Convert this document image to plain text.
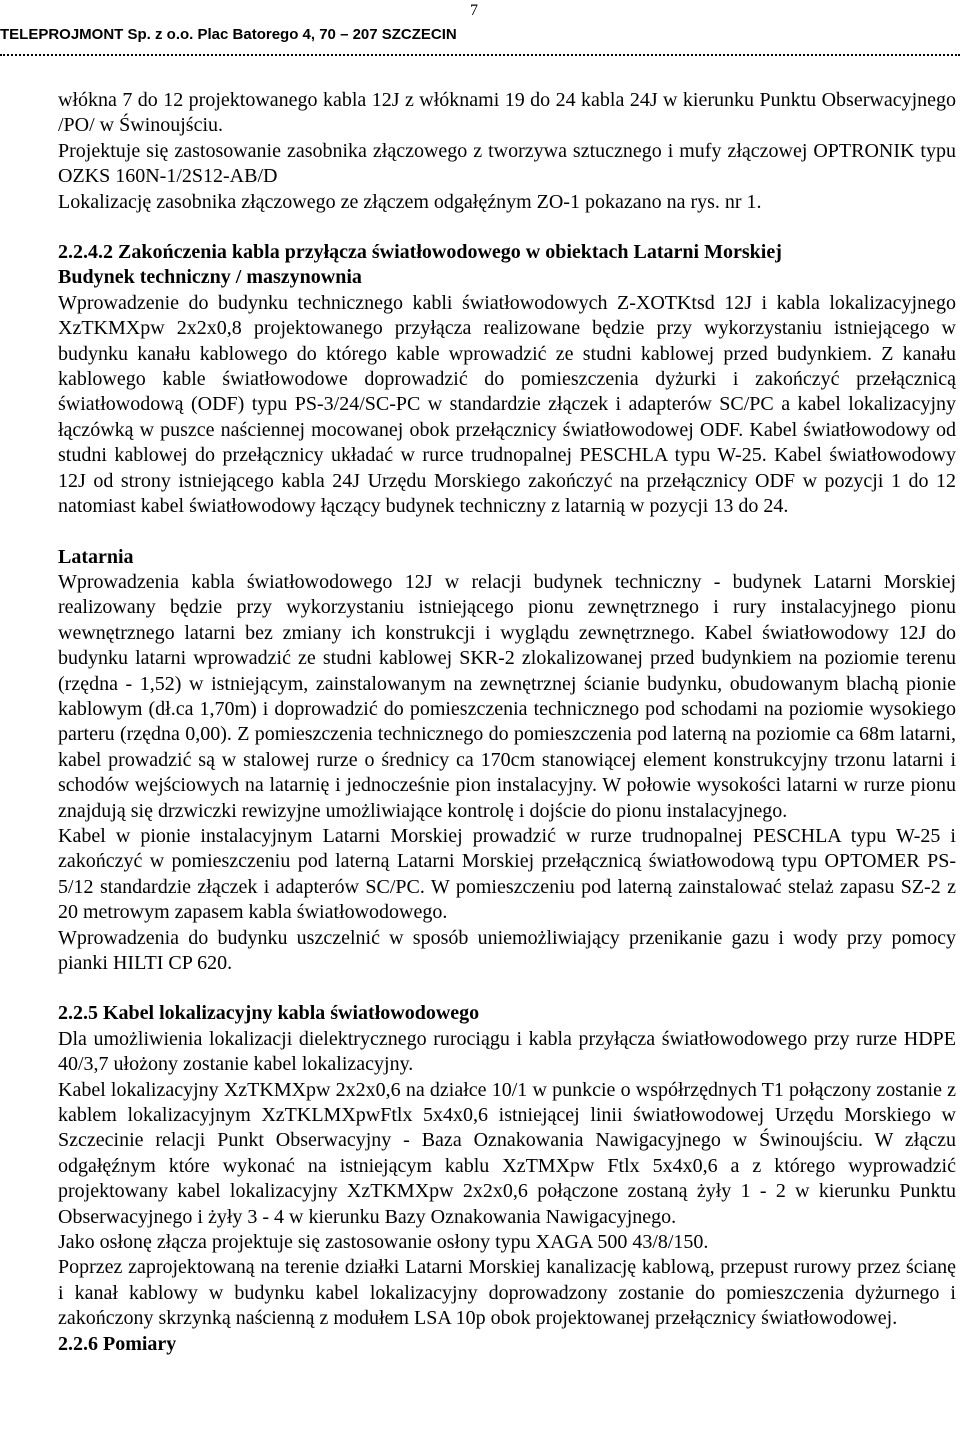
7
TELEPROJMONT Sp. z o.o. Plac Batorego 4, 70 – 207 SZCZECIN

włókna 7 do 12 projektowanego kabla 12J z włóknami 19 do 24 kabla 24J w kierunku Punktu Obserwacyjnego /PO/ w Świnoujściu.

Projektuje się zastosowanie zasobnika złączowego z tworzywa sztucznego i mufy złączowej OPTRONIK typu OZKS 160N-1/2S12-AB/D

Lokalizację zasobnika złączowego ze złączem odgałęźnym ZO-1 pokazano na rys. nr 1.

2.2.4.2 Zakończenia kabla przyłącza światłowodowego w obiektach Latarni Morskiej

Budynek techniczny / maszynownia

Wprowadzenie do budynku technicznego kabli światłowodowych Z-XOTKtsd 12J i kabla lokalizacyjnego XzTKMXpw 2x2x0,8 projektowanego przyłącza realizowane będzie przy wykorzystaniu istniejącego w budynku kanału kablowego do którego kable wprowadzić ze studni kablowej przed budynkiem. Z kanału kablowego kable światłowodowe doprowadzić do pomieszczenia dyżurki i zakończyć przełącznicą światłowodową (ODF) typu PS-3/24/SC-PC w standardzie złączek i adapterów SC/PC a kabel lokalizacyjny łączówką w puszce naściennej mocowanej obok przełącznicy światłowodowej ODF. Kabel światłowodowy od studni kablowej do przełącznicy układać w rurce trudnopalnej PESCHLA typu W-25. Kabel światłowodowy 12J od strony istniejącego kabla 24J Urzędu Morskiego zakończyć na przełącznicy ODF w pozycji 1 do 12 natomiast kabel światłowodowy łączący budynek techniczny z latarnią w pozycji 13 do 24.

Latarnia

Wprowadzenia kabla światłowodowego 12J w relacji budynek techniczny - budynek Latarni Morskiej realizowany będzie przy wykorzystaniu istniejącego pionu zewnętrznego i rury instalacyjnego pionu wewnętrznego latarni bez zmiany ich konstrukcji i wyglądu zewnętrznego. Kabel światłowodowy 12J do budynku latarni wprowadzić ze studni kablowej SKR-2 zlokalizowanej przed budynkiem na poziomie terenu (rzędna - 1,52) w istniejącym, zainstalowanym na zewnętrznej ścianie budynku, obudowanym blachą pionie kablowym (dł.ca 1,70m) i doprowadzić do pomieszczenia technicznego pod schodami na poziomie wysokiego parteru (rzędna 0,00). Z pomieszczenia technicznego do pomieszczenia pod laterną na poziomie ca 68m latarni, kabel prowadzić są w stalowej rurze o średnicy ca 170cm stanowiącej element konstrukcyjny trzonu latarni i schodów wejściowych na latarnię i jednocześnie pion instalacyjny. W połowie wysokości latarni w rurze pionu znajdują się drzwiczki rewizyjne umożliwiające kontrolę i dojście do pionu instalacyjnego.

Kabel w pionie instalacyjnym Latarni Morskiej prowadzić w rurze trudnopalnej PESCHLA typu W-25 i zakończyć w pomieszczeniu pod laterną Latarni Morskiej przełącznicą światłowodową typu OPTOMER PS-5/12 standardzie złączek i adapterów SC/PC. W pomieszczeniu pod laterną zainstalować stelaż zapasu SZ-2 z 20 metrowym zapasem kabla światłowodowego.

Wprowadzenia do budynku uszczelnić w sposób uniemożliwiający przenikanie gazu i wody przy pomocy pianki HILTI CP 620.

2.2.5 Kabel lokalizacyjny kabla światłowodowego

Dla umożliwienia lokalizacji dielektrycznego rurociągu i kabla przyłącza światłowodowego przy rurze HDPE 40/3,7 ułożony zostanie kabel lokalizacyjny.

Kabel lokalizacyjny XzTKMXpw 2x2x0,6 na działce 10/1 w punkcie o współrzędnych T1 połączony zostanie z kablem lokalizacyjnym XzTKLMXpwFtlx 5x4x0,6 istniejącej linii światłowodowej Urzędu Morskiego w Szczecinie relacji Punkt Obserwacyjny - Baza Oznakowania Nawigacyjnego w Świnoujściu. W złączu odgałęźnym które wykonać na istniejącym kablu XzTMXpw Ftlx 5x4x0,6 a z którego wyprowadzić projektowany kabel lokalizacyjny XzTKMXpw 2x2x0,6 połączone zostaną żyły 1 - 2 w kierunku Punktu Obserwacyjnego i żyły 3 - 4 w kierunku Bazy Oznakowania Nawigacyjnego.

Jako osłonę złącza projektuje się zastosowanie osłony typu XAGA 500 43/8/150.

Poprzez zaprojektowaną na terenie działki Latarni Morskiej kanalizację kablową, przepust rurowy przez ścianę i kanał kablowy w budynku kabel lokalizacyjny doprowadzony zostanie do pomieszczenia dyżurnego i zakończony skrzynką naścienną z modułem LSA 10p obok projektowanej przełącznicy światłowodowej.

2.2.6 Pomiary
